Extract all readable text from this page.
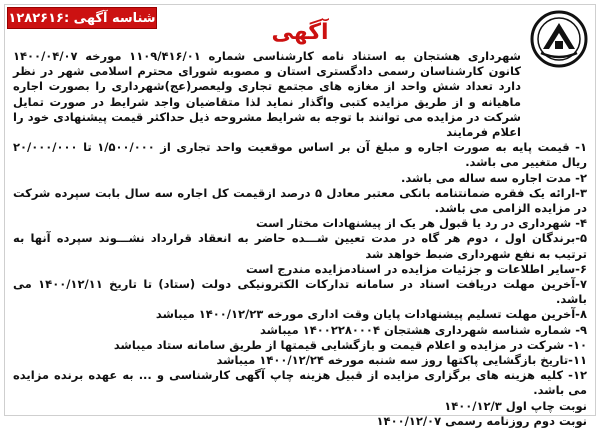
شناسه آگهی :۱۲۸۲۶۱۶
آگهی

شهرداری هشتجان به استناد نامه کارشناسی شماره ۱۱۰۹/۴۱۶/۰۱ مورخه ۱۴۰۰/۰۴/۰۷ کانون کارشناسان رسمی دادگستری استان و مصوبه شورای محترم اسلامی شهر در نظر دارد تعداد شش واحد از مغازه های مجتمع تجاری ولیعصر(عج)شهرداری را بصورت اجاره ماهیانه و از طریق مزایده کتبی واگذار نماید لذا متقاضیان واجد شرایط در صورت تمایل شرکت در مزایده می توانند با توجه به شرایط مشروحه ذیل حداکثر قیمت پیشنهادی خود را اعلام فرمایند

۱- قیمت پایه به صورت اجاره و مبلغ آن بر اساس موقعیت واحد تجاری از ۱/۵۰۰/۰۰۰ تا ۲۰/۰۰۰/۰۰۰ ریال متغییر می باشد.
۲- مدت اجاره سه ساله می باشد.
۳-ارائه یک فقره ضمانتنامه بانکی معتبر معادل ۵ درصد ازقیمت کل اجاره سه سال بابت سپرده شرکت در مزایده الزامی می باشد.
۴- شهرداری در رد یا قبول هر یک از پیشنهادات مختار است
۵-برندگان اول ، دوم هر گاه در مدت تعیین شـــده حاضر به انعقاد قرارداد نشـــوند سپرده آنها به ترتیب به نفع شهرداری ضبط خواهد شد
۶-سایر اطلاعات و جزئیات مزایده در اسنادمزایده مندرج است
۷-آخرین مهلت دریافت اسناد در سامانه تدارکات الکترونیکی دولت (ستاد) تا تاریخ ۱۴۰۰/۱۲/۱۱ می باشد.
۸-آخرین مهلت تسلیم پیشنهادات پایان وقت اداری مورخه ۱۴۰۰/۱۲/۲۳ میباشد
۹- شماره شناسه شهرداری هشتجان ۱۴۰۰۲۲۸۰۰۰۴ میباشد
۱۰- شرکت در مزایده و اعلام قیمت و بازگشایی قیمتها از طریق سامانه ستاد میباشد
۱۱-تاریخ بازگشایی پاکتها روز سه شنبه مورخه ۱۴۰۰/۱۲/۲۴ میباشد
۱۲- کلیه هزینه های برگزاری مزایده از قبیل هزینه چاپ آگهی کارشناسی و ... به عهده برنده مزایده می باشد.
نوبت چاپ اول ۱۴۰۰/۱۲/۳
نوبت دوم روزنامه رسمی ۱۴۰۰/۱۲/۰۷
